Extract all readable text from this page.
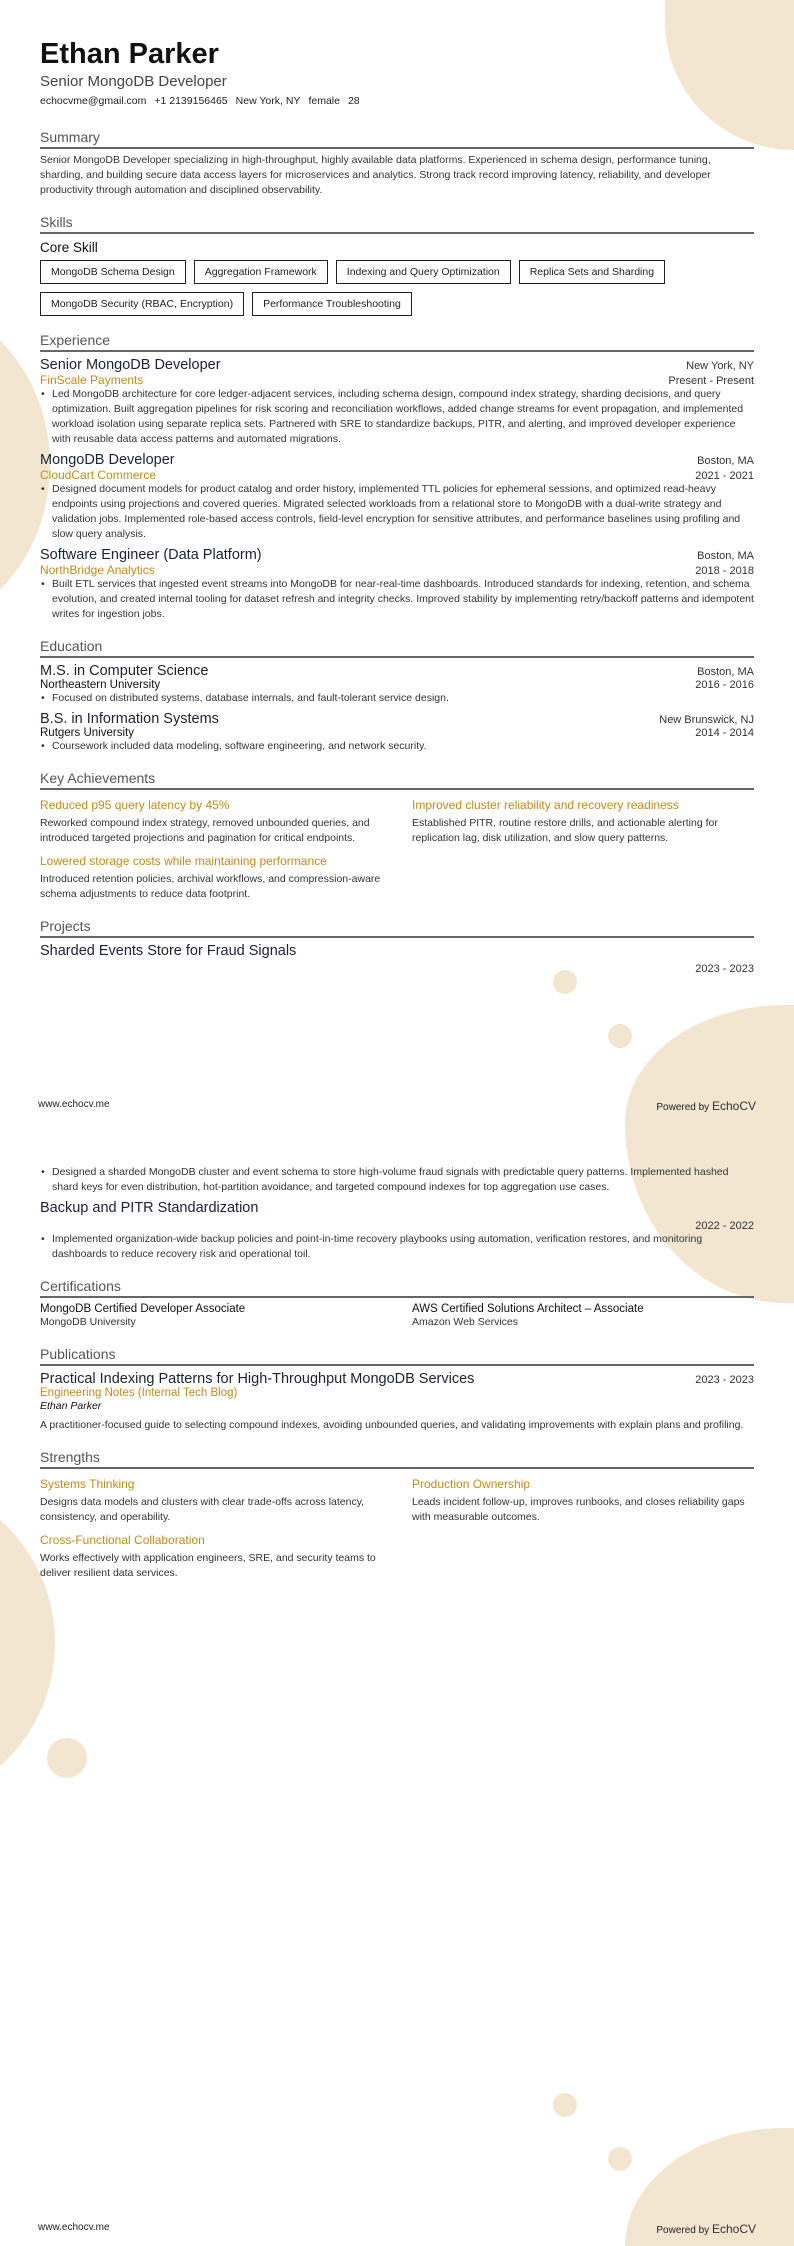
Ethan Parker
Senior MongoDB Developer
echocvme@gmail.com +1 2139156465 New York, NY female 28
Summary
Senior MongoDB Developer specializing in high-throughput, highly available data platforms. Experienced in schema design, performance tuning, sharding, and building secure data access layers for microservices and analytics. Strong track record improving latency, reliability, and developer productivity through automation and disciplined observability.
Skills
Core Skill
MongoDB Schema Design	Aggregation Framework	Indexing and Query Optimization	Replica Sets and Sharding
MongoDB Security (RBAC, Encryption)	Performance Troubleshooting
Experience
Senior MongoDB Developer	New York, NY
FinScale Payments	Present - Present
• Led MongoDB architecture for core ledger-adjacent services, including schema design, compound index strategy, sharding decisions, and query optimization. Built aggregation pipelines for risk scoring and reconciliation workflows, added change streams for event propagation, and implemented workload isolation using separate replica sets. Partnered with SRE to standardize backups, PITR, and alerting, and improved developer experience with reusable data access patterns and automated migrations.
MongoDB Developer	Boston, MA
CloudCart Commerce	2021 - 2021
• Designed document models for product catalog and order history, implemented TTL policies for ephemeral sessions, and optimized read-heavy endpoints using projections and covered queries. Migrated selected workloads from a relational store to MongoDB with a dual-write strategy and validation jobs. Implemented role-based access controls, field-level encryption for sensitive attributes, and performance baselines using profiling and slow query analysis.
Software Engineer (Data Platform)	Boston, MA
NorthBridge Analytics	2018 - 2018
• Built ETL services that ingested event streams into MongoDB for near-real-time dashboards. Introduced standards for indexing, retention, and schema evolution, and created internal tooling for dataset refresh and integrity checks. Improved stability by implementing retry/backoff patterns and idempotent writes for ingestion jobs.
Education
M.S. in Computer Science	Boston, MA
Northeastern University	2016 - 2016
• Focused on distributed systems, database internals, and fault-tolerant service design.
B.S. in Information Systems	New Brunswick, NJ
Rutgers University	2014 - 2014
• Coursework included data modeling, software engineering, and network security.
Key Achievements
Reduced p95 query latency by 45%
Reworked compound index strategy, removed unbounded queries, and introduced targeted projections and pagination for critical endpoints.
Improved cluster reliability and recovery readiness
Established PITR, routine restore drills, and actionable alerting for replication lag, disk utilization, and slow query patterns.
Lowered storage costs while maintaining performance
Introduced retention policies, archival workflows, and compression-aware schema adjustments to reduce data footprint.
Projects
Sharded Events Store for Fraud Signals
2023 - 2023
www.echocv.me	Powered by EchoCV
• Designed a sharded MongoDB cluster and event schema to store high-volume fraud signals with predictable query patterns. Implemented hashed shard keys for even distribution, hot-partition avoidance, and targeted compound indexes for top aggregation use cases.
Backup and PITR Standardization
2022 - 2022
• Implemented organization-wide backup policies and point-in-time recovery playbooks using automation, verification restores, and monitoring dashboards to reduce recovery risk and operational toil.
Certifications
MongoDB Certified Developer Associate
MongoDB University
AWS Certified Solutions Architect – Associate
Amazon Web Services
Publications
Practical Indexing Patterns for High-Throughput MongoDB Services	2023 - 2023
Engineering Notes (Internal Tech Blog)
Ethan Parker
A practitioner-focused guide to selecting compound indexes, avoiding unbounded queries, and validating improvements with explain plans and profiling.
Strengths
Systems Thinking
Designs data models and clusters with clear trade-offs across latency, consistency, and operability.
Production Ownership
Leads incident follow-up, improves runbooks, and closes reliability gaps with measurable outcomes.
Cross-Functional Collaboration
Works effectively with application engineers, SRE, and security teams to deliver resilient data services.
www.echocv.me	Powered by EchoCV
